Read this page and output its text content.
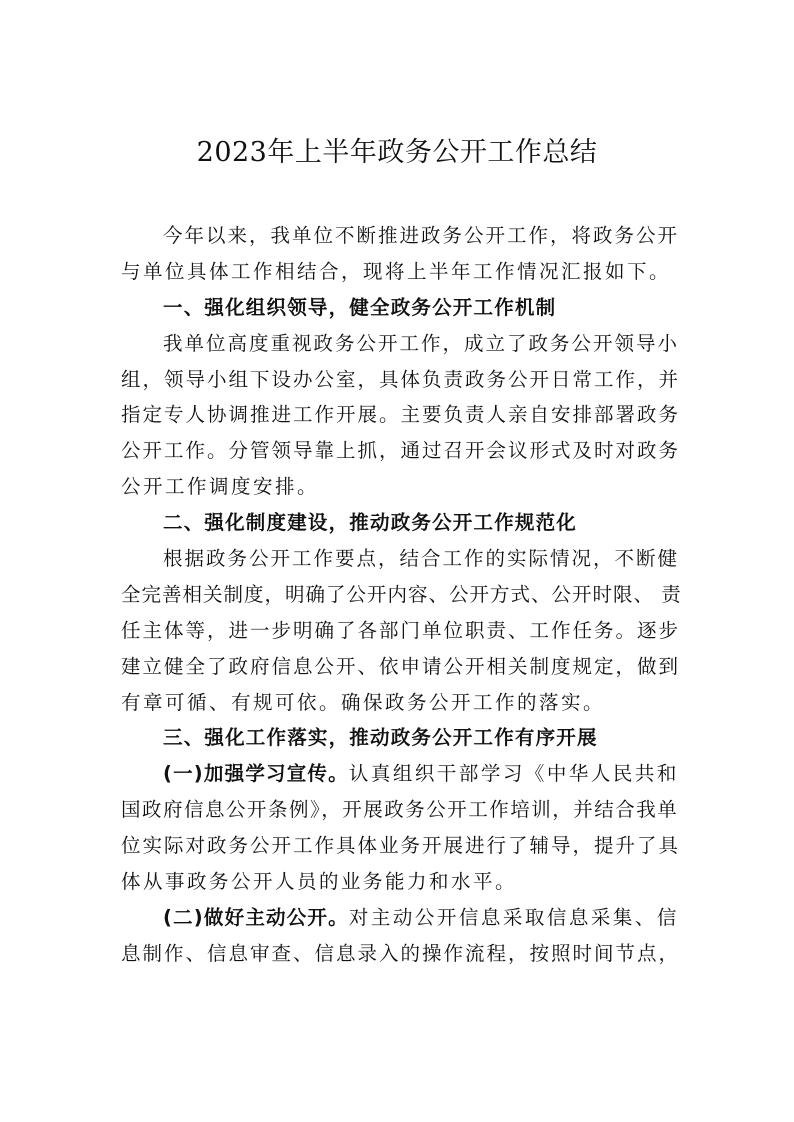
2023年上半年政务公开工作总结
今年以来，我单位不断推进政务公开工作，将政务公开
与单位具体工作相结合，现将上半年工作情况汇报如下。
一、强化组织领导，健全政务公开工作机制
我单位高度重视政务公开工作，成立了政务公开领导小
组，领导小组下设办公室，具体负责政务公开日常工作，并
指定专人协调推进工作开展。主要负责人亲自安排部署政务
公开工作。分管领导靠上抓，通过召开会议形式及时对政务
公开工作调度安排。
二、强化制度建设，推动政务公开工作规范化
根据政务公开工作要点，结合工作的实际情况，不断健
全完善相关制度，明确了公开内容、公开方式、公开时限、 责
任主体等，进一步明确了各部门单位职责、工作任务。逐步
建立健全了政府信息公开、依申请公开相关制度规定，做到
有章可循、有规可依。确保政务公开工作的落实。
三、强化工作落实，推动政务公开工作有序开展
(一)加强学习宣传。认真组织干部学习《中华人民共和
国政府信息公开条例》，开展政务公开工作培训，并结合我单
位实际对政务公开工作具体业务开展进行了辅导，提升了具
体从事政务公开人员的业务能力和水平。
(二)做好主动公开。对主动公开信息采取信息采集、信
息制作、信息审查、信息录入的操作流程，按照时间节点，
